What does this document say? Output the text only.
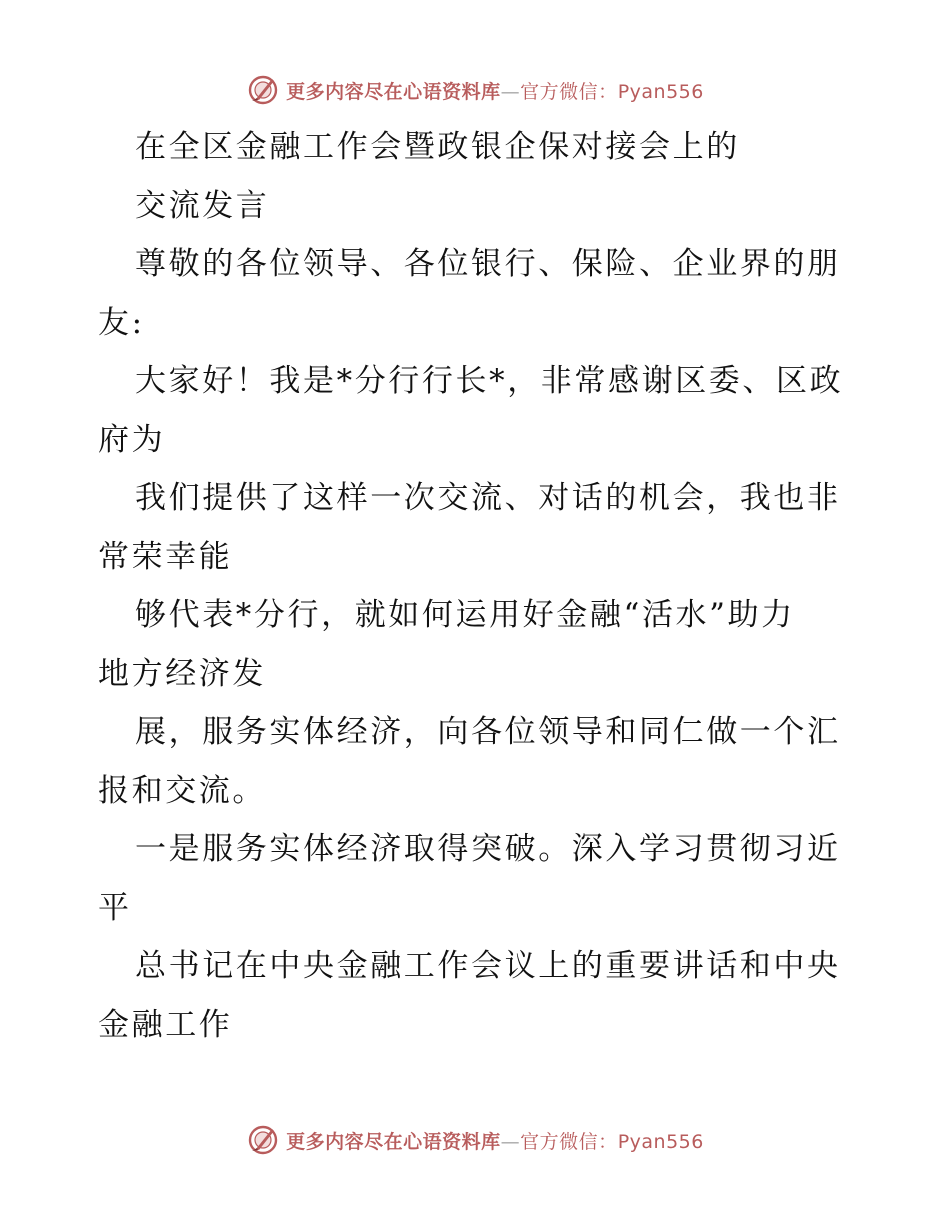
更多内容尽在心语资料库—官方微信：Pyan556
在全区金融工作会暨政银企保对接会上的
交流发言
尊敬的各位领导、各位银行、保险、企业界的朋
友:
大家好！我是*分行行长*，非常感谢区委、区政
府为
我们提供了这样一次交流、对话的机会，我也非
常荣幸能
够代表*分行，就如何运用好金融“活水”助力
地方经济发
展，服务实体经济，向各位领导和同仁做一个汇
报和交流。
一是服务实体经济取得突破。深入学习贯彻习近
平
总书记在中央金融工作会议上的重要讲话和中央
金融工作
更多内容尽在心语资料库—官方微信：Pyan556
